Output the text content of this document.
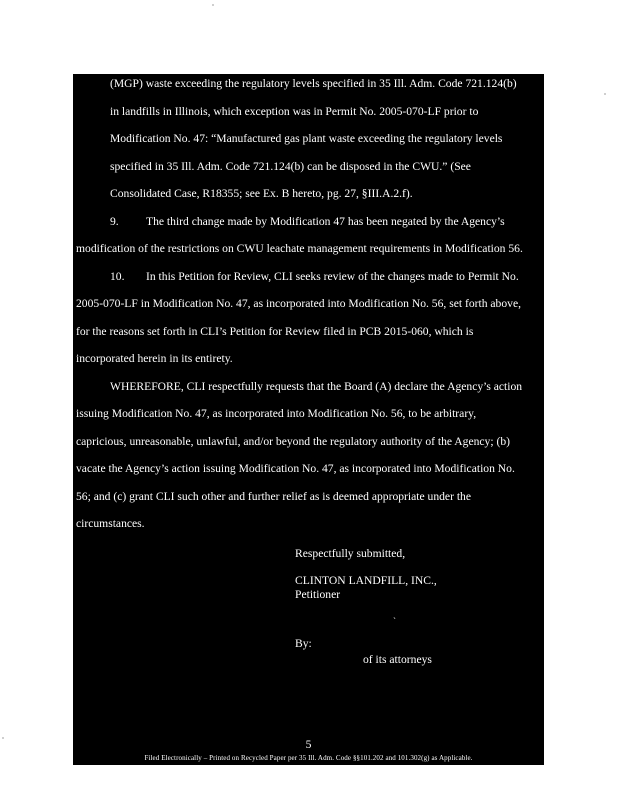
(MGP) waste exceeding the regulatory levels specified in 35 Ill. Adm. Code 721.124(b)
in landfills in Illinois, which exception was in Permit No. 2005-070-LF prior to
Modification No. 47: “Manufactured gas plant waste exceeding the regulatory levels
specified in 35 Ill. Adm. Code 721.124(b) can be disposed in the CWU.” (See
Consolidated Case, R18355; see Ex. B hereto, pg. 27, §III.A.2.f).
9. The third change made by Modification 47 has been negated by the Agency’s
modification of the restrictions on CWU leachate management requirements in Modification 56.
10. In this Petition for Review, CLI seeks review of the changes made to Permit No.
2005-070-LF in Modification No. 47, as incorporated into Modification No. 56, set forth above,
for the reasons set forth in CLI’s Petition for Review filed in PCB 2015-060, which is
incorporated herein in its entirety.
WHEREFORE, CLI respectfully requests that the Board (A) declare the Agency’s action
issuing Modification No. 47, as incorporated into Modification No. 56, to be arbitrary,
capricious, unreasonable, unlawful, and/or beyond the regulatory authority of the Agency; (b)
vacate the Agency’s action issuing Modification No. 47, as incorporated into Modification No.
56; and (c) grant CLI such other and further relief as is deemed appropriate under the
circumstances.
Respectfully submitted,
CLINTON LANDFILL, INC.,
Petitioner
`
By:
of its attorneys
5
Filed Electronically – Printed on Recycled Paper per 35 Ill. Adm. Code §§101.202 and 101.302(g) as Applicable.
